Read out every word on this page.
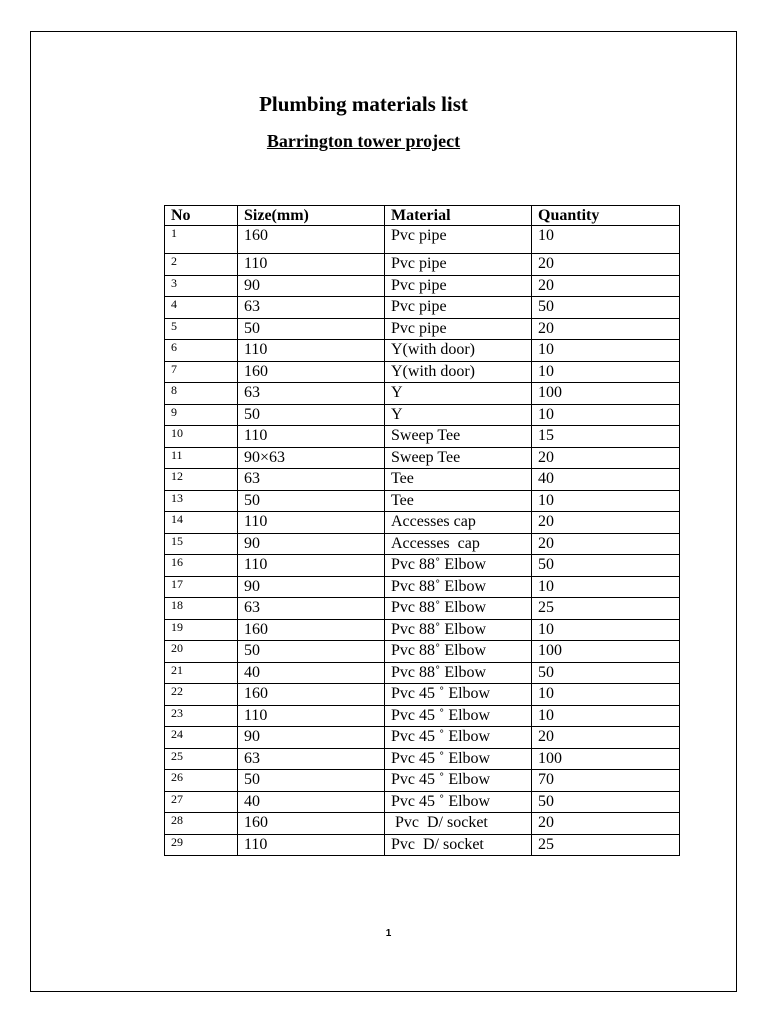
Plumbing materials list
Barrington tower project
No	Size(mm)	Material	Quantity
1	160	Pvc pipe	10
2	110	Pvc pipe	20
3	90	Pvc pipe	20
4	63	Pvc pipe	50
5	50	Pvc pipe	20
6	110	Y(with door)	10
7	160	Y(with door)	10
8	63	Y	100
9	50	Y	10
10	110	Sweep Tee	15
11	90×63	Sweep Tee	20
12	63	Tee	40
13	50	Tee	10
14	110	Accesses cap	20
15	90	Accesses  cap	20
16	110	Pvc 88˚ Elbow	50
17	90	Pvc 88˚ Elbow	10
18	63	Pvc 88˚ Elbow	25
19	160	Pvc 88˚ Elbow	10
20	50	Pvc 88˚ Elbow	100
21	40	Pvc 88˚ Elbow	50
22	160	Pvc 45 ˚ Elbow	10
23	110	Pvc 45 ˚ Elbow	10
24	90	Pvc 45 ˚ Elbow	20
25	63	Pvc 45 ˚ Elbow	100
26	50	Pvc 45 ˚ Elbow	70
27	40	Pvc 45 ˚ Elbow	50
28	160	Pvc  D/ socket	20
29	110	Pvc  D/ socket	25
1
